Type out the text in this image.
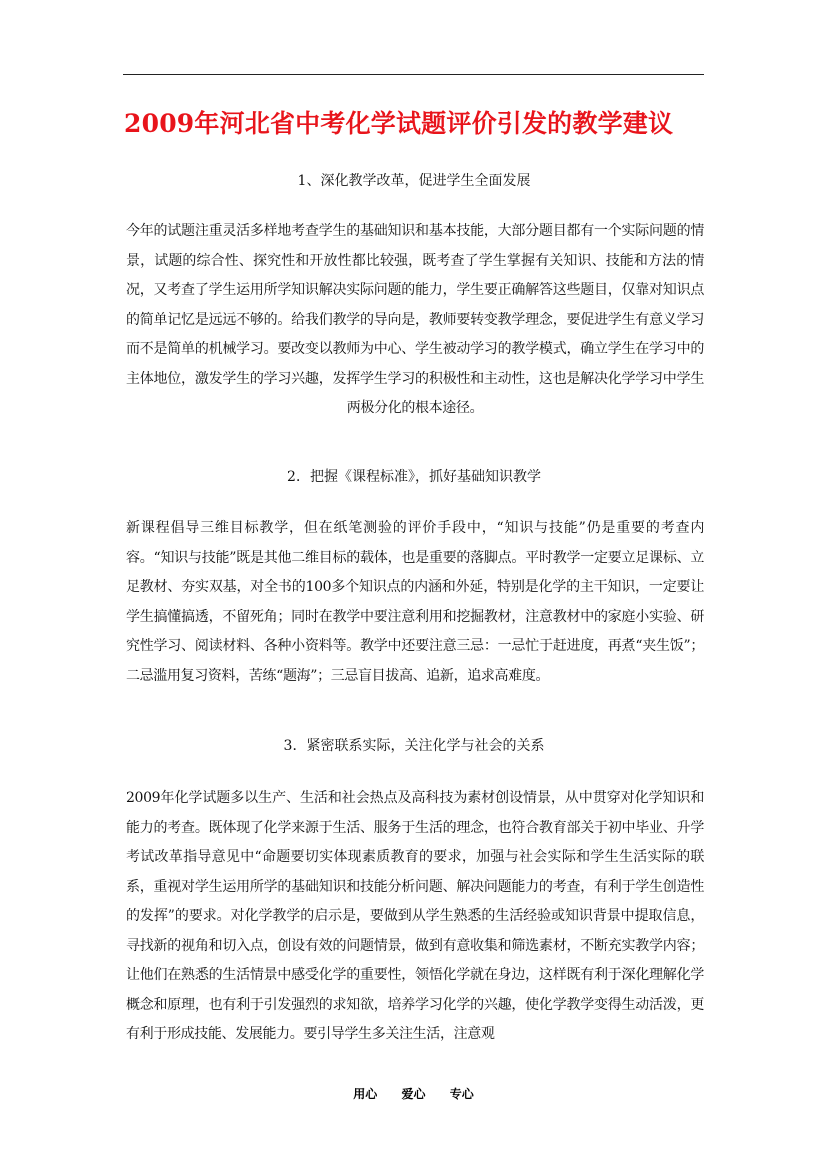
2009年河北省中考化学试题评价引发的教学建议
1、深化教学改革，促进学生全面发展
今年的试题注重灵活多样地考查学生的基础知识和基本技能，大部分题目都有一个实际问题的情景，试题的综合性、探究性和开放性都比较强，既考查了学生掌握有关知识、技能和方法的情况，又考查了学生运用所学知识解决实际问题的能力，学生要正确解答这些题目，仅靠对知识点的简单记忆是远远不够的。给我们教学的导向是，教师要转变教学理念，要促进学生有意义学习而不是简单的机械学习。要改变以教师为中心、学生被动学习的教学模式，确立学生在学习中的主体地位，激发学生的学习兴趣，发挥学生学习的积极性和主动性，这也是解决化学学习中学生两极分化的根本途径。
2．把握《课程标准》，抓好基础知识教学
新课程倡导三维目标教学，但在纸笔测验的评价手段中，“知识与技能”仍是重要的考查内容。“知识与技能”既是其他二维目标的载体，也是重要的落脚点。平时教学一定要立足课标、立足教材、夯实双基，对全书的100多个知识点的内涵和外延，特别是化学的主干知识，一定要让学生搞懂搞透，不留死角；同时在教学中要注意利用和挖掘教材，注意教材中的家庭小实验、研究性学习、阅读材料、各种小资料等。教学中还要注意三忌：一忌忙于赶进度，再煮“夹生饭”；二忌滥用复习资料，苦练“题海”；三忌盲目拔高、追新，追求高难度。
3．紧密联系实际，关注化学与社会的关系
2009年化学试题多以生产、生活和社会热点及高科技为素材创设情景，从中贯穿对化学知识和能力的考查。既体现了化学来源于生活、服务于生活的理念，也符合教育部关于初中毕业、升学考试改革指导意见中“命题要切实体现素质教育的要求，加强与社会实际和学生生活实际的联系，重视对学生运用所学的基础知识和技能分析问题、解决问题能力的考查，有利于学生创造性的发挥”的要求。对化学教学的启示是，要做到从学生熟悉的生活经验或知识背景中提取信息，寻找新的视角和切入点，创设有效的问题情景，做到有意收集和筛选素材，不断充实教学内容；让他们在熟悉的生活情景中感受化学的重要性，领悟化学就在身边，这样既有利于深化理解化学概念和原理，也有利于引发强烈的求知欲，培养学习化学的兴趣，使化学教学变得生动活泼，更有利于形成技能、发展能力。要引导学生多关注生活，注意观
用心 爱心 专心
